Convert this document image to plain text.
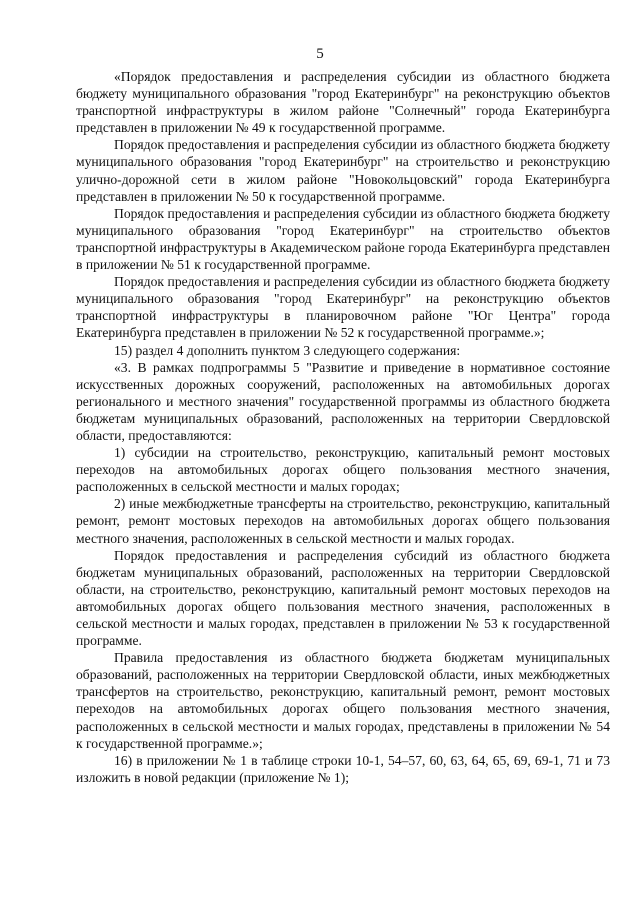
5

«Порядок предоставления и распределения субсидии из областного бюджета бюджету муниципального образования "город Екатеринбург" на реконструкцию объектов транспортной инфраструктуры в жилом районе "Солнечный" города Екатеринбурга представлен в приложении № 49 к государственной программе.

Порядок предоставления и распределения субсидии из областного бюджета бюджету муниципального образования "город Екатеринбург" на строительство и реконструкцию улично-дорожной сети в жилом районе "Новокольцовский" города Екатеринбурга представлен в приложении № 50 к государственной программе.

Порядок предоставления и распределения субсидии из областного бюджета бюджету муниципального образования "город Екатеринбург" на строительство объектов транспортной инфраструктуры в Академическом районе города Екатеринбурга представлен в приложении № 51 к государственной программе.

Порядок предоставления и распределения субсидии из областного бюджета бюджету муниципального образования "город Екатеринбург" на реконструкцию объектов транспортной инфраструктуры в планировочном районе "Юг Центра" города Екатеринбурга представлен в приложении № 52 к государственной программе.»;

15) раздел 4 дополнить пунктом 3 следующего содержания:

«3. В рамках подпрограммы 5 "Развитие и приведение в нормативное состояние искусственных дорожных сооружений, расположенных на автомобильных дорогах регионального и местного значения" государственной программы из областного бюджета бюджетам муниципальных образований, расположенных на территории Свердловской области, предоставляются:

1) субсидии на строительство, реконструкцию, капитальный ремонт мостовых переходов на автомобильных дорогах общего пользования местного значения, расположенных в сельской местности и малых городах;

2) иные межбюджетные трансферты на строительство, реконструкцию, капитальный ремонт, ремонт мостовых переходов на автомобильных дорогах общего пользования местного значения, расположенных в сельской местности и малых городах.

Порядок предоставления и распределения субсидий из областного бюджета бюджетам муниципальных образований, расположенных на территории Свердловской области, на строительство, реконструкцию, капитальный ремонт мостовых переходов на автомобильных дорогах общего пользования местного значения, расположенных в сельской местности и малых городах, представлен в приложении № 53 к государственной программе.

Правила предоставления из областного бюджета бюджетам муниципальных образований, расположенных на территории Свердловской области, иных межбюджетных трансфертов на строительство, реконструкцию, капитальный ремонт, ремонт мостовых переходов на автомобильных дорогах общего пользования местного значения, расположенных в сельской местности и малых городах, представлены в приложении № 54 к государственной программе.»;

16) в приложении № 1 в таблице строки 10-1, 54–57, 60, 63, 64, 65, 69, 69-1, 71 и 73 изложить в новой редакции (приложение № 1);
